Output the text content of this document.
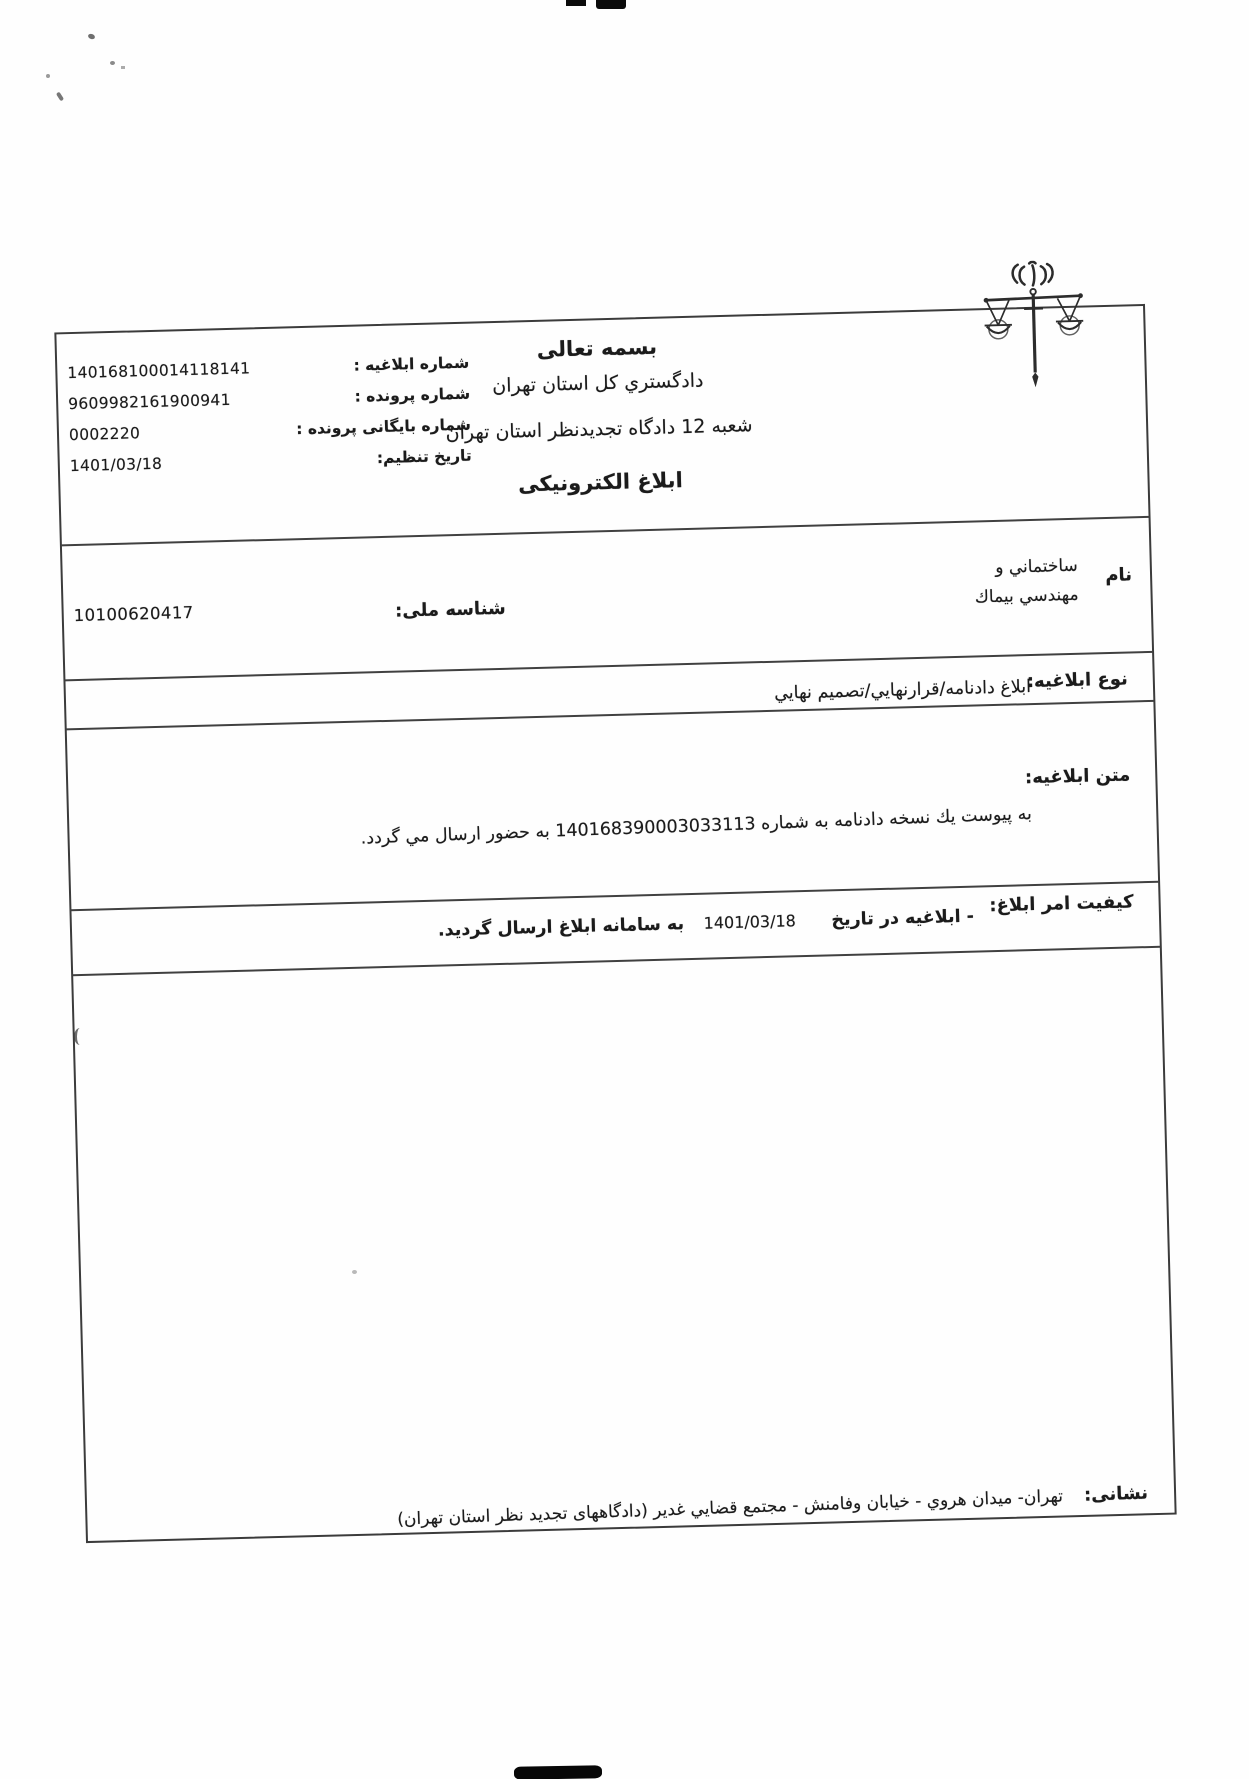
140168100014118141	شماره ابلاغیه :
9609982161900941	شماره پرونده :
0002220	شماره بایگانی پرونده :
1401/03/18	تاریخ تنظیم:
بسمه تعالی
دادگستري کل استان تهران
شعبه 12 دادگاه تجدیدنظر استان تهران
ابلاغ الکترونیکی
نام
ساختماني و
مهندسي بيماك
شناسه ملی:
10100620417
نوع ابلاغیه:
ابلاغ دادنامه/قرارنهايي/تصميم نهايي
متن ابلاغیه:
به پیوست يك نسخه دادنامه به شماره 140168390003033113 به حضور ارسال مي گردد.
کیفیت امر ابلاغ:
- ابلاغیه در تاریخ 1401/03/18 به سامانه ابلاغ ارسال گردید.
نشانی: تهران- میدان هروي - خیابان وفامنش - مجتمع قضایي غدیر (دادگاههای تجدید نظر استان تهران)
